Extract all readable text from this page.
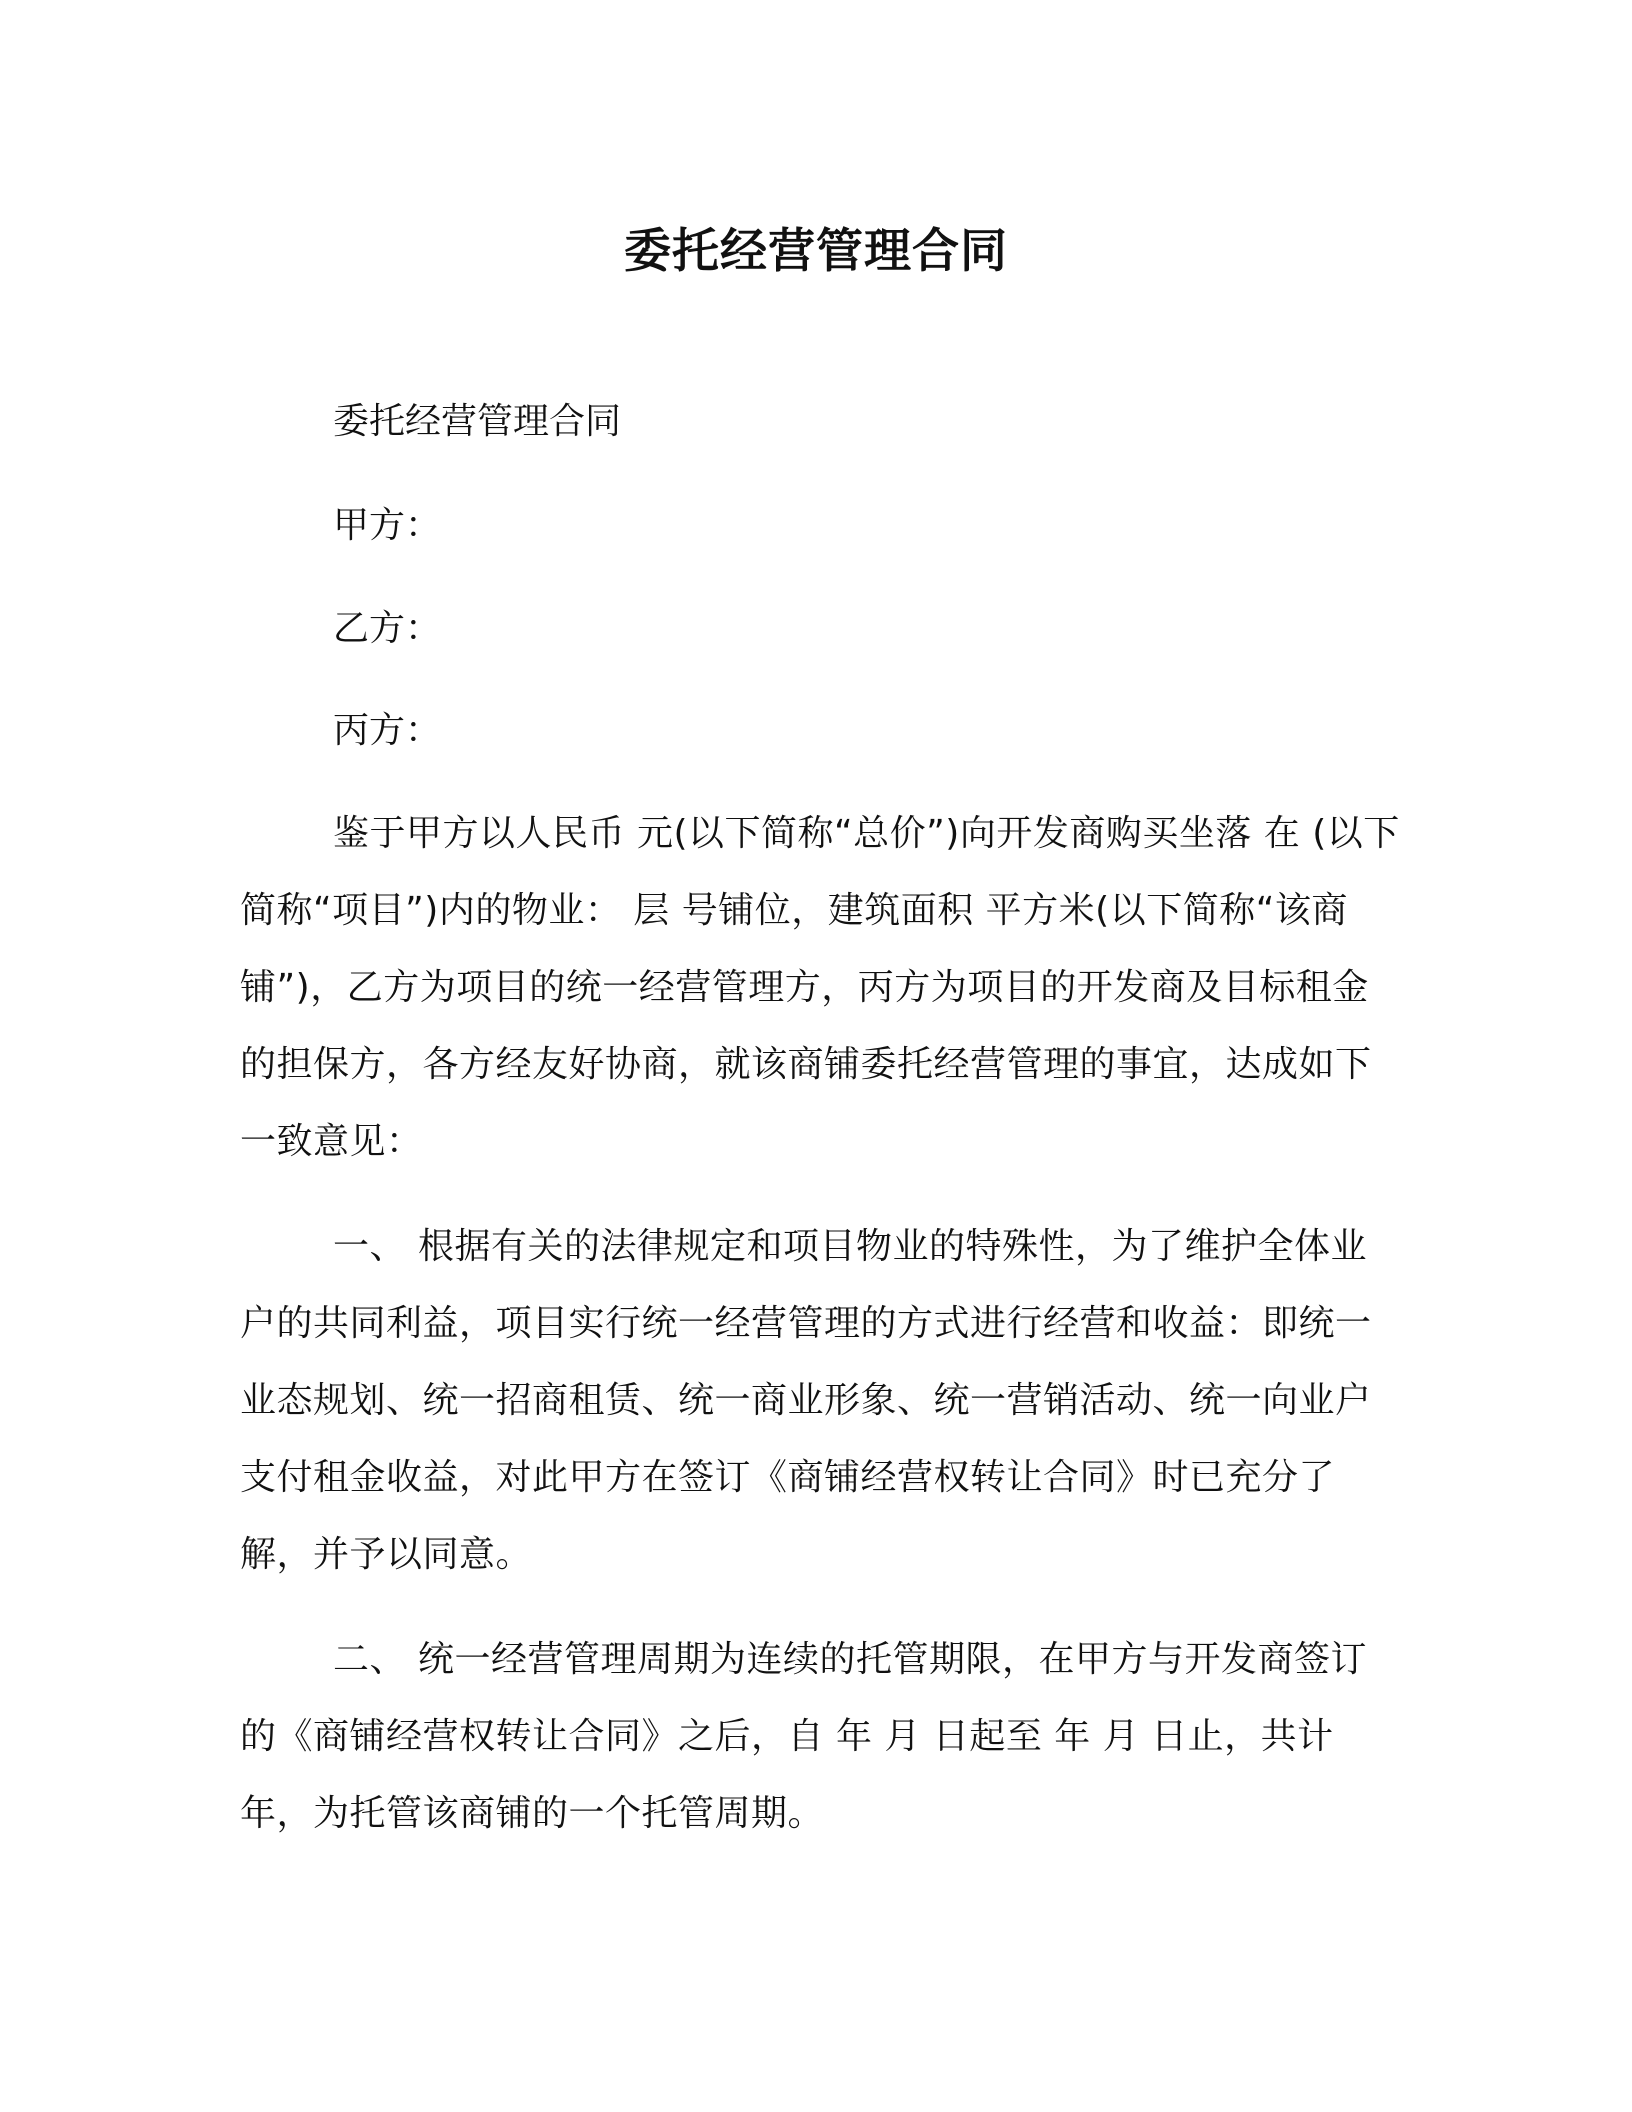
委托经营管理合同
委托经营管理合同
甲方：
乙方：
丙方：

鉴于甲方以人民币 元(以下简称“总价”)向开发商购买坐落 在 (以下简称“项目”)内的物业： 层 号铺位，建筑面积 平方米(以下简称“该商铺”)，乙方为项目的统一经营管理方，丙方为项目的开发商及目标租金的担保方，各方经友好协商，就该商铺委托经营管理的事宜，达成如下一致意见：

一、 根据有关的法律规定和项目物业的特殊性，为了维护全体业户的共同利益，项目实行统一经营管理的方式进行经营和收益：即统一业态规划、统一招商租赁、统一商业形象、统一营销活动、统一向业户支付租金收益，对此甲方在签订《商铺经营权转让合同》时已充分了解，并予以同意。

二、 统一经营管理周期为连续的托管期限，在甲方与开发商签订的《商铺经营权转让合同》之后，自 年 月 日起至 年 月 日止，共计 年，为托管该商铺的一个托管周期。
